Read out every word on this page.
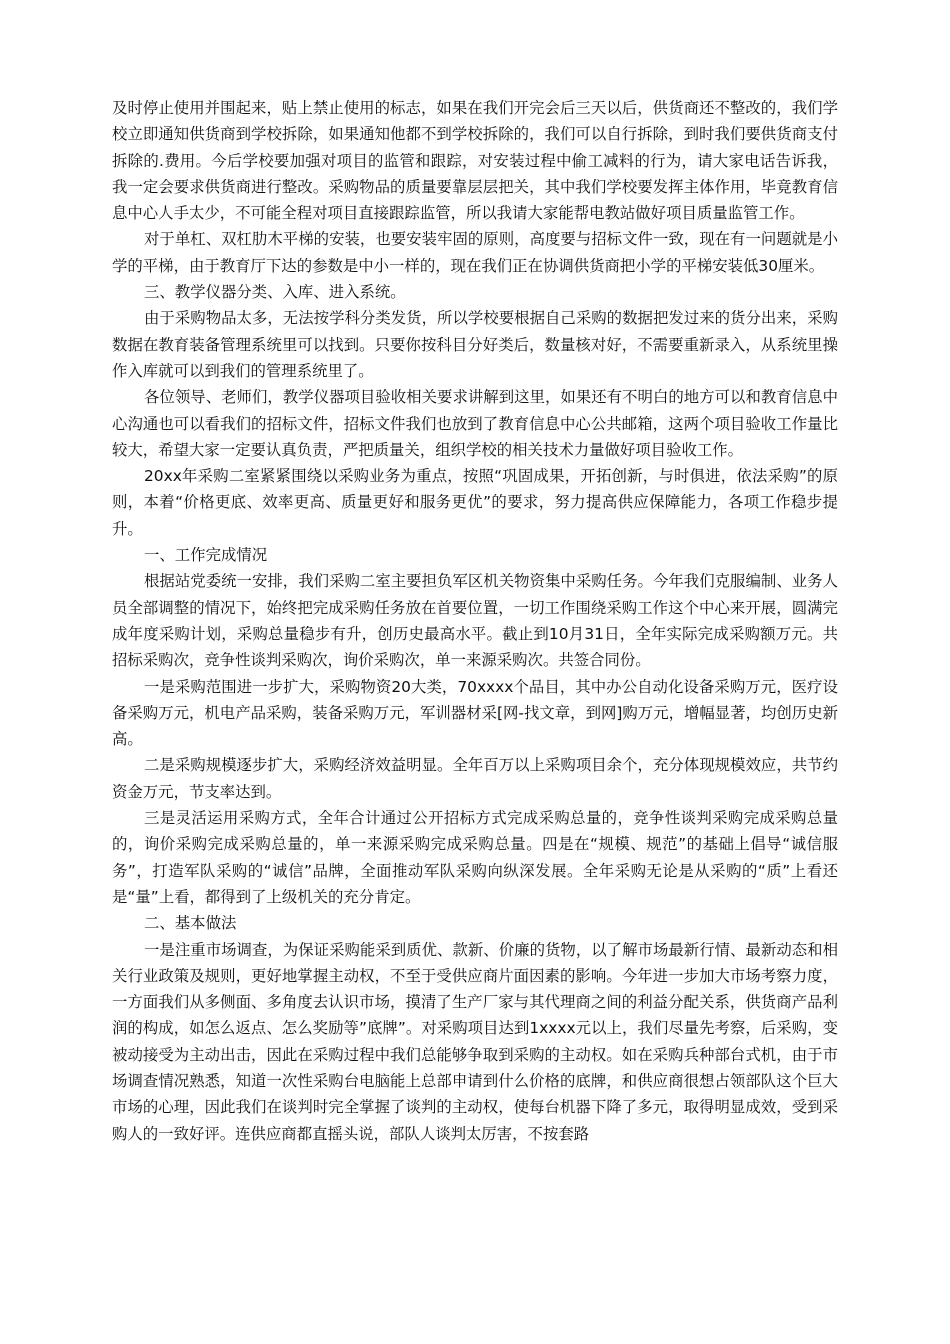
及时停止使用并围起来，贴上禁止使用的标志，如果在我们开完会后三天以后，供货商还不整改的，我们学校立即通知供货商到学校拆除，如果通知他都不到学校拆除的，我们可以自行拆除，到时我们要供货商支付拆除的.费用。今后学校要加强对项目的监管和跟踪，对安装过程中偷工减料的行为，请大家电话告诉我，我一定会要求供货商进行整改。采购物品的质量要靠层层把关，其中我们学校要发挥主体作用，毕竟教育信息中心人手太少，不可能全程对项目直接跟踪监管，所以我请大家能帮电教站做好项目质量监管工作。

对于单杠、双杠肋木平梯的安装，也要安装牢固的原则，高度要与招标文件一致，现在有一问题就是小学的平梯，由于教育厅下达的参数是中小一样的，现在我们正在协调供货商把小学的平梯安装低30厘米。

三、教学仪器分类、入库、进入系统。

由于采购物品太多，无法按学科分类发货，所以学校要根据自己采购的数据把发过来的货分出来，采购数据在教育装备管理系统里可以找到。只要你按科目分好类后，数量核对好，不需要重新录入，从系统里操作入库就可以到我们的管理系统里了。

各位领导、老师们，教学仪器项目验收相关要求讲解到这里，如果还有不明白的地方可以和教育信息中心沟通也可以看我们的招标文件，招标文件我们也放到了教育信息中心公共邮箱，这两个项目验收工作量比较大，希望大家一定要认真负责，严把质量关，组织学校的相关技术力量做好项目验收工作。

20xx年采购二室紧紧围绕以采购业务为重点，按照“巩固成果，开拓创新，与时俱进，依法采购”的原则，本着“价格更底、效率更高、质量更好和服务更优”的要求，努力提高供应保障能力，各项工作稳步提升。

一、工作完成情况

根据站党委统一安排，我们采购二室主要担负军区机关物资集中采购任务。今年我们克服编制、业务人员全部调整的情况下，始终把完成采购任务放在首要位置，一切工作围绕采购工作这个中心来开展，圆满完成年度采购计划，采购总量稳步有升，创历史最高水平。截止到10月31日，全年实际完成采购额万元。共招标采购次，竞争性谈判采购次，询价采购次，单一来源采购次。共签合同份。

一是采购范围进一步扩大，采购物资20大类，70xxxx个品目，其中办公自动化设备采购万元，医疗设备采购万元，机电产品采购，装备采购万元，军训器材采[网-找文章，到网]购万元，增幅显著，均创历史新高。

二是采购规模逐步扩大，采购经济效益明显。全年百万以上采购项目余个，充分体现规模效应，共节约资金万元，节支率达到。

三是灵活运用采购方式，全年合计通过公开招标方式完成采购总量的，竞争性谈判采购完成采购总量的，询价采购完成采购总量的，单一来源采购完成采购总量。四是在“规模、规范”的基础上倡导“诚信服务”，打造军队采购的“诚信”品牌，全面推动军队采购向纵深发展。全年采购无论是从采购的“质”上看还是“量”上看，都得到了上级机关的充分肯定。

二、基本做法

一是注重市场调查，为保证采购能采到质优、款新、价廉的货物，以了解市场最新行情、最新动态和相关行业政策及规则，更好地掌握主动权，不至于受供应商片面因素的影响。今年进一步加大市场考察力度，一方面我们从多侧面、多角度去认识市场，摸清了生产厂家与其代理商之间的利益分配关系，供货商产品利润的构成，如怎么返点、怎么奖励等”底牌”。对采购项目达到1xxxx元以上，我们尽量先考察，后采购，变被动接受为主动出击，因此在采购过程中我们总能够争取到采购的主动权。如在采购兵种部台式机，由于市场调查情况熟悉，知道一次性采购台电脑能上总部申请到什么价格的底牌，和供应商很想占领部队这个巨大市场的心理，因此我们在谈判时完全掌握了谈判的主动权，使每台机器下降了多元，取得明显成效，受到采购人的一致好评。连供应商都直摇头说，部队人谈判太厉害，不按套路
